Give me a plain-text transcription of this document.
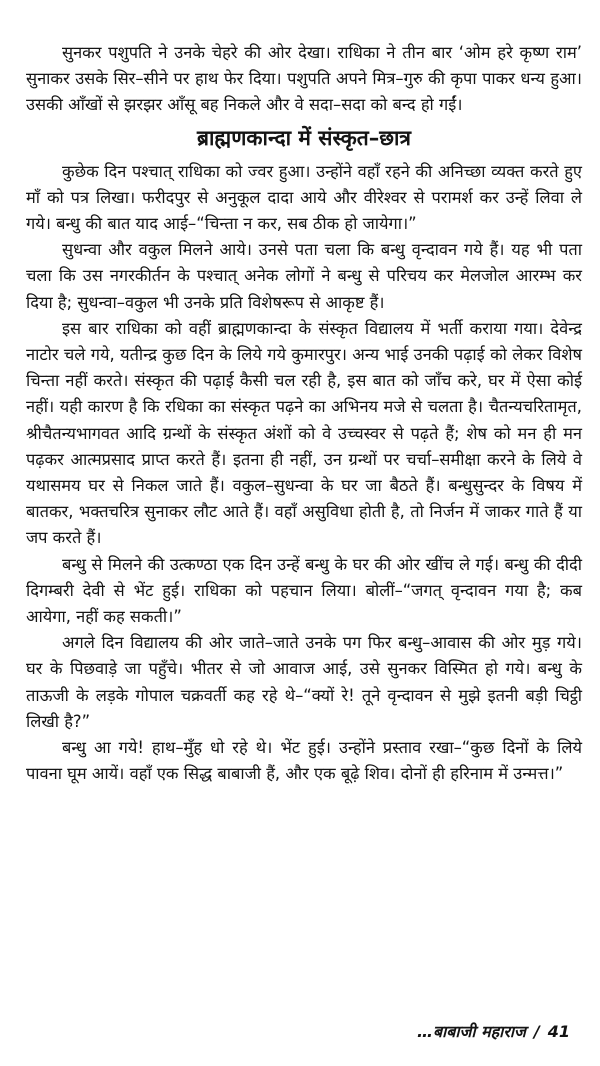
सुनकर पशुपति ने उनके चेहरे की ओर देखा। राधिका ने तीन बार ‘ओम हरे कृष्ण राम’ सुनाकर उसके सिर–सीने पर हाथ फेर दिया। पशुपति अपने मित्र–गुरु की कृपा पाकर धन्य हुआ। उसकी आँखों से झरझर आँसू बह निकले और वे सदा–सदा को बन्द हो गईं।

ब्राह्मणकान्दा में संस्कृत–छात्र

कुछेक दिन पश्चात् राधिका को ज्वर हुआ। उन्होंने वहाँ रहने की अनिच्छा व्यक्त करते हुए माँ को पत्र लिखा। फरीदपुर से अनुकूल दादा आये और वीरेश्वर से परामर्श कर उन्हें लिवा ले गये। बन्धु की बात याद आई–“चिन्ता न कर, सब ठीक हो जायेगा।”

सुधन्वा और वकुल मिलने आये। उनसे पता चला कि बन्धु वृन्दावन गये हैं। यह भी पता चला कि उस नगरकीर्तन के पश्चात् अनेक लोगों ने बन्धु से परिचय कर मेलजोल आरम्भ कर दिया है; सुधन्वा–वकुल भी उनके प्रति विशेषरूप से आकृष्ट हैं।

इस बार राधिका को वहीं ब्राह्मणकान्दा के संस्कृत विद्यालय में भर्ती कराया गया। देवेन्द्र नाटोर चले गये, यतीन्द्र कुछ दिन के लिये गये कुमारपुर। अन्य भाई उनकी पढ़ाई को लेकर विशेष चिन्ता नहीं करते। संस्कृत की पढ़ाई कैसी चल रही है, इस बात को जाँच करे, घर में ऐसा कोई नहीं। यही कारण है कि रधिका का संस्कृत पढ़ने का अभिनय मजे से चलता है। चैतन्यचरितामृत, श्रीचैतन्यभागवत आदि ग्रन्थों के संस्कृत अंशों को वे उच्चस्वर से पढ़ते हैं; शेष को मन ही मन पढ़कर आत्मप्रसाद प्राप्त करते हैं। इतना ही नहीं, उन ग्रन्थों पर चर्चा–समीक्षा करने के लिये वे यथासमय घर से निकल जाते हैं। वकुल–सुधन्वा के घर जा बैठते हैं। बन्धुसुन्दर के विषय में बातकर, भक्तचरित्र सुनाकर लौट आते हैं। वहाँ असुविधा होती है, तो निर्जन में जाकर गाते हैं या जप करते हैं।

बन्धु से मिलने की उत्कण्ठा एक दिन उन्हें बन्धु के घर की ओर खींच ले गई। बन्धु की दीदी दिगम्बरी देवी से भेंट हुई। राधिका को पहचान लिया। बोलीं–“जगत् वृन्दावन गया है; कब आयेगा, नहीं कह सकती।”

अगले दिन विद्यालय की ओर जाते–जाते उनके पग फिर बन्धु–आवास की ओर मुड़ गये। घर के पिछवाड़े जा पहुँचे। भीतर से जो आवाज आई, उसे सुनकर विस्मित हो गये। बन्धु के ताऊजी के लड़के गोपाल चक्रवर्ती कह रहे थे–“क्यों रे! तूने वृन्दावन से मुझे इतनी बड़ी चिट्ठी लिखी है?”

बन्धु आ गये! हाथ–मुँह धो रहे थे। भेंट हुई। उन्होंने प्रस्ताव रखा–“कुछ दिनों के लिये पावना घूम आयें। वहाँ एक सिद्ध बाबाजी हैं, और एक बूढ़े शिव। दोनों ही हरिनाम में उन्मत्त।”

…बाबाजी महाराज / 41
